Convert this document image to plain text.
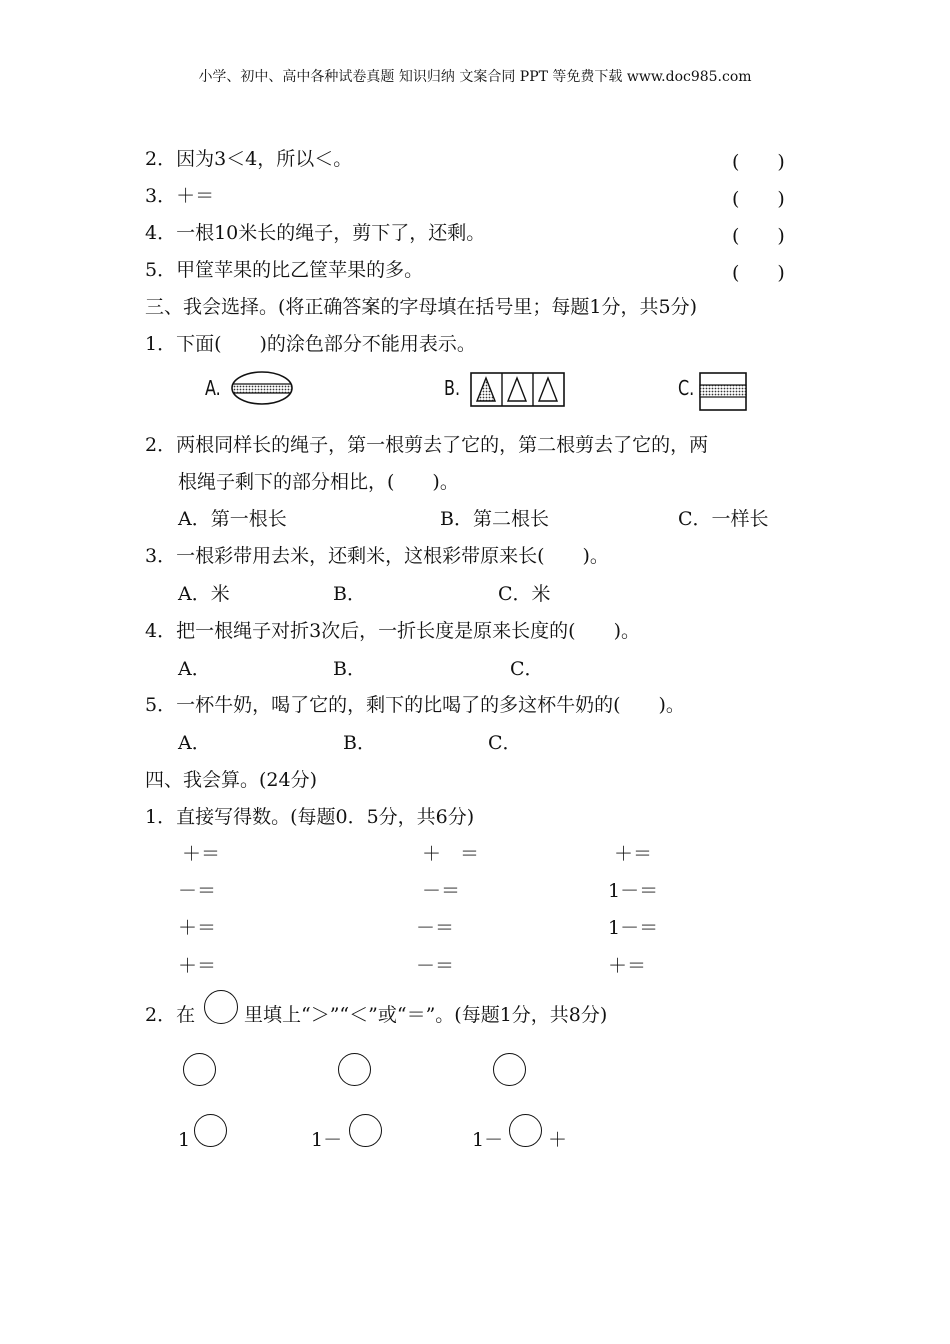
小学、初中、高中各种试卷真题 知识归纳 文案合同 PPT 等免费下载 www.doc985.com
2．因为3＜4，所以＜。	(　　)
3．＋＝	(　　)
4．一根10米长的绳子，剪下了，还剩。	(　　)
5．甲筐苹果的比乙筐苹果的多。	(　　)
三、我会选择。(将正确答案的字母填在括号里；每题1分，共5分)
1．下面(　　)的涂色部分不能用表示。
A.	B.	C.
2．两根同样长的绳子，第一根剪去了它的，第二根剪去了它的，两
根绳子剩下的部分相比，(　　)。
A．第一根长	B．第二根长	C．一样长
3．一根彩带用去米，还剩米，这根彩带原来长(　　)。
A．米	B．	C．米
4．把一根绳子对折3次后，一折长度是原来长度的(　　)。
A．	B．	C．
5．一杯牛奶，喝了它的，剩下的比喝了的多这杯牛奶的(　　)。
A．	B．	C．
四、我会算。(24分)
1．直接写得数。(每题0．5分，共6分)
＋＝	＋　＝	＋＝
－＝	－＝	1－＝
＋＝	－＝	1－＝
＋＝	－＝	＋＝
2．在	里填上“＞”“＜”或“＝”。(每题1分，共8分)
1	1－	1－ ＋
